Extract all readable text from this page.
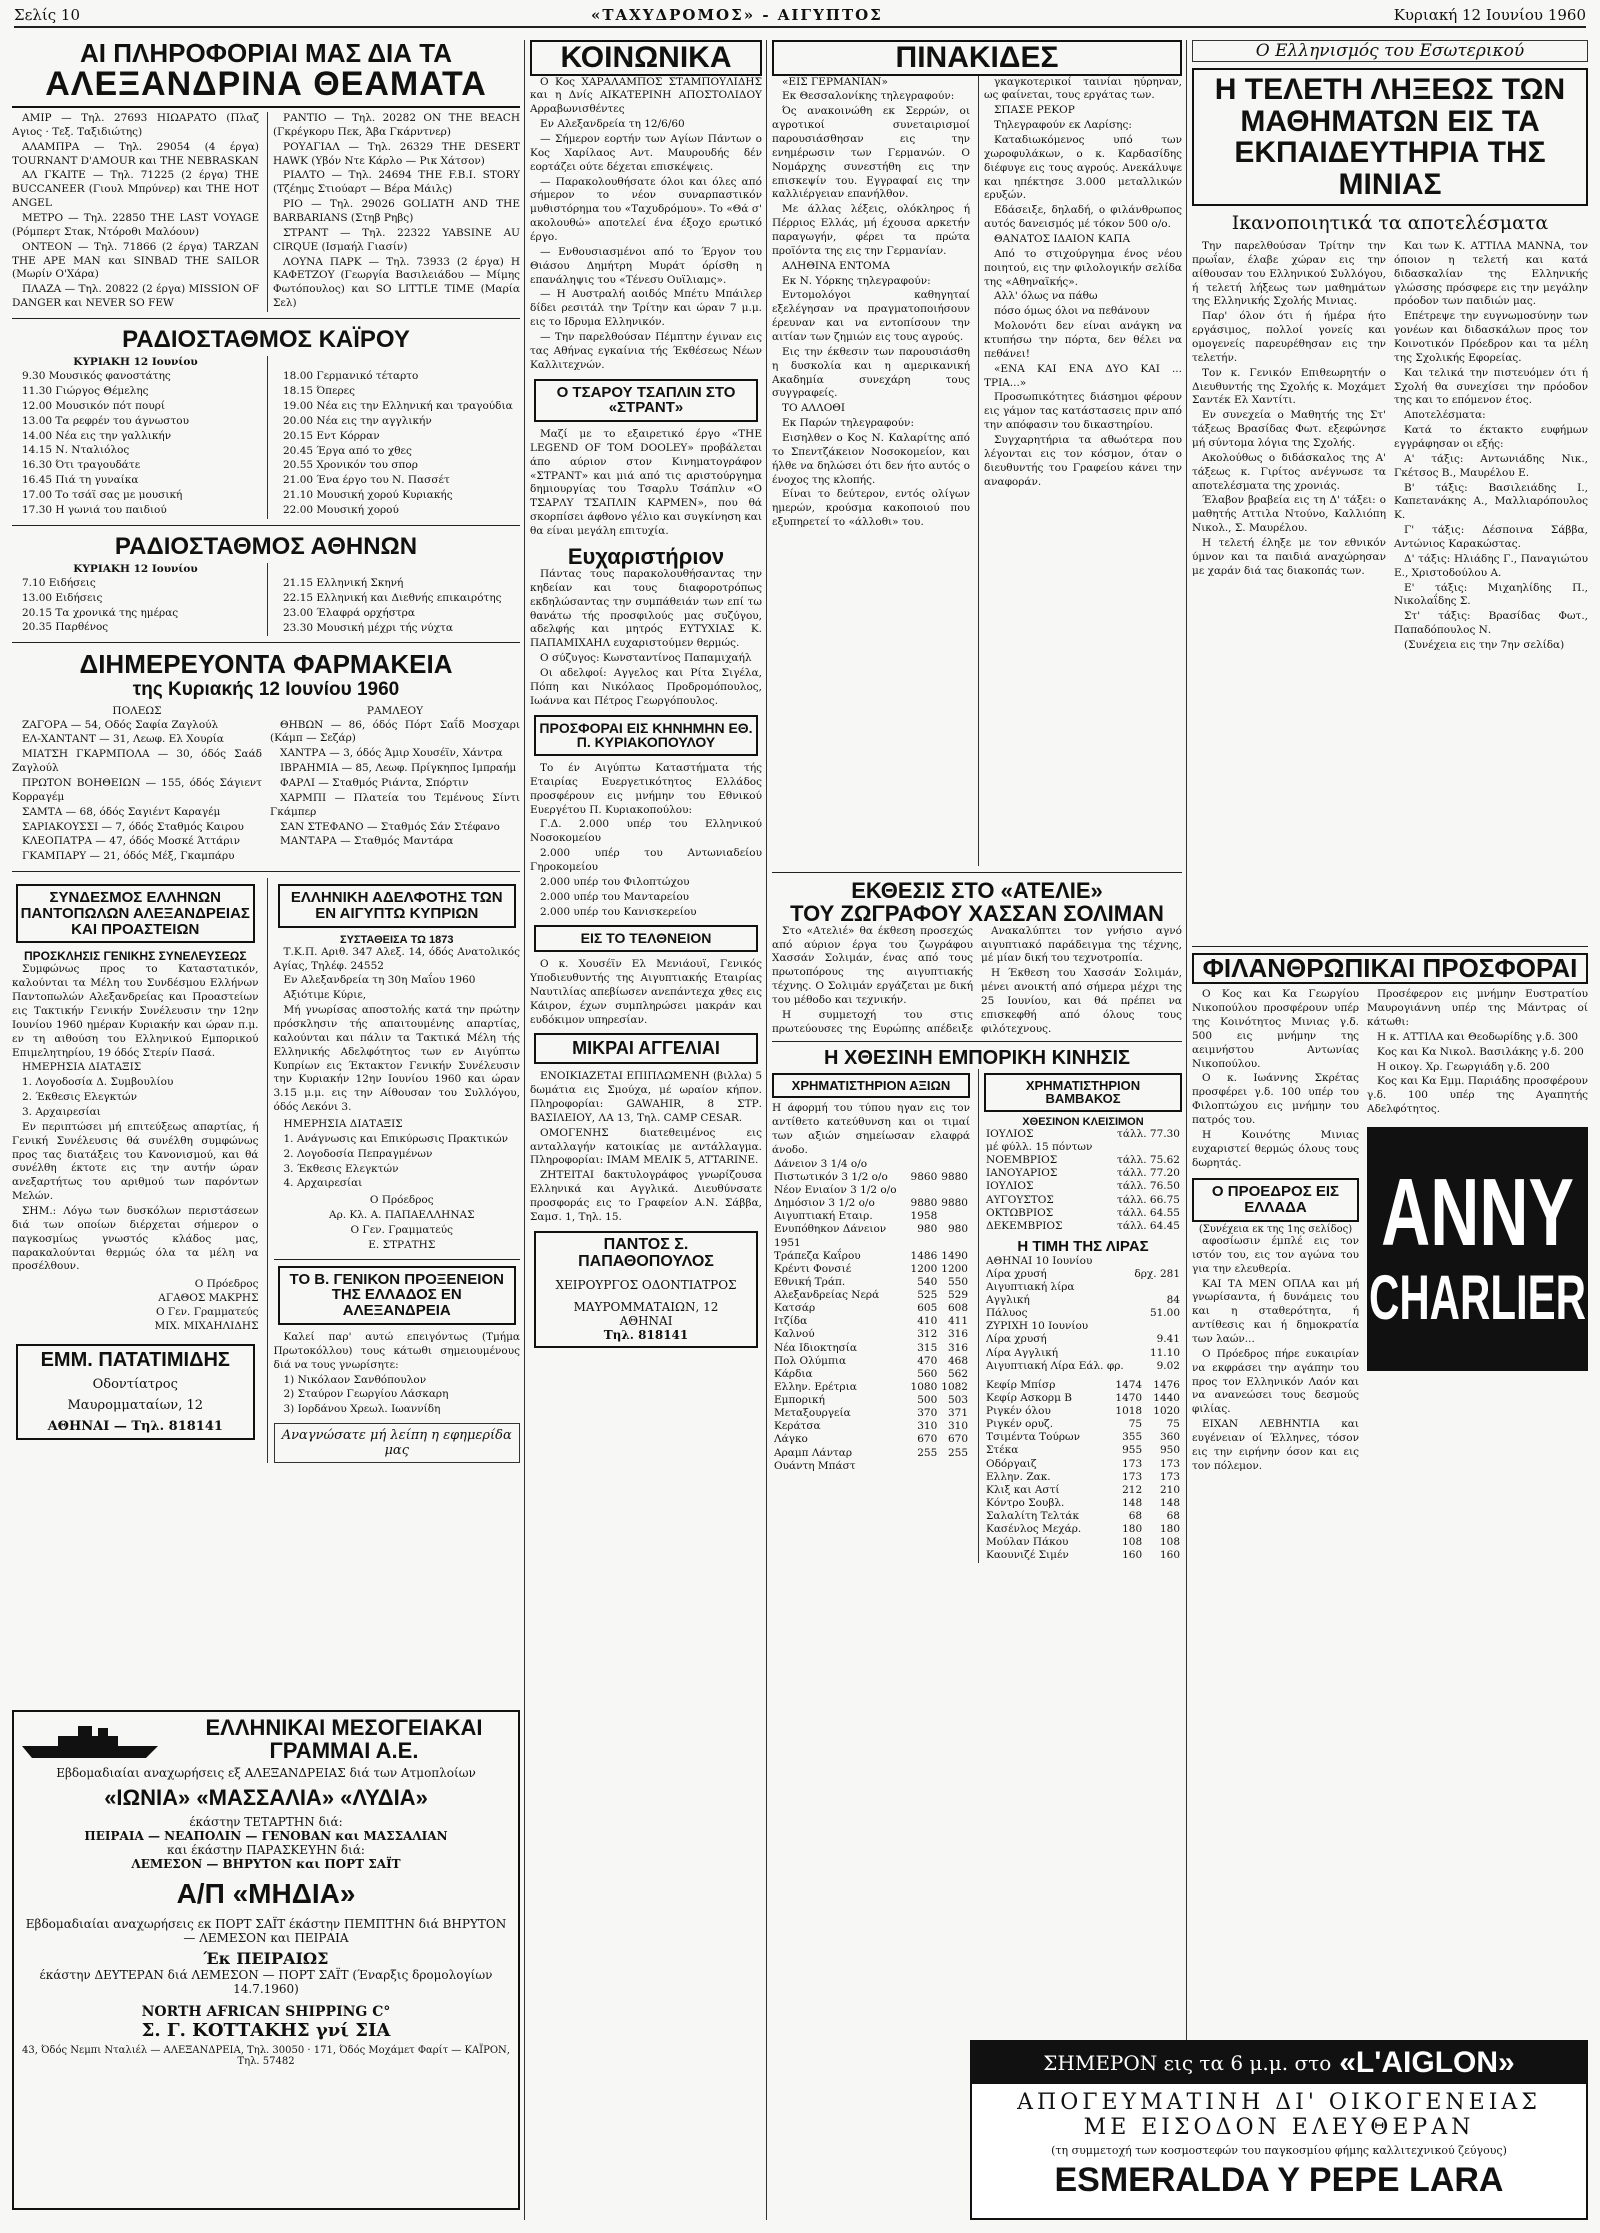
Σελίς 10	«ΤΑΧΥΔΡΟΜΟΣ» - ΑΙΓΥΠΤΟΣ	Κυριακή 12 Ιουνίου 1960
ΑΙ ΠΛΗΡΟΦΟΡΙΑΙ ΜΑΣ ΔΙΑ ΤΑ
ΑΛΕΞΑΝΔΡΙΝΑ ΘΕΑΜΑΤΑ

ΑΜΙΡ — Τηλ. 27693 ΗΙΩΑΡΑΤΟ (Πλαζ Αγιος · Τεξ. Ταξιδιώτης)

ΑΛΑΜΠΡΑ — Τηλ. 29054 (4 έργα) TOURNANT D'AMOUR και THE NEBRASKAN

ΑΛ ΓΚΑΙΤΕ — Τηλ. 71225 (2 έργα) THE BUCCANEER (Γιουλ Μπρύνερ) και THE HOT ANGEL

ΜΕΤΡΟ — Τηλ. 22850 THE LAST VOYAGE (Ρόμπερτ Στακ, Ντόροθι Μαλόουν)

ΟΝΤΕΟΝ — Τηλ. 71866 (2 έργα) TARZAN THE APE MAN και SINBAD THE SAILOR (Μωρίν Ο'Χάρα)

ΠΛΑΖΑ — Τηλ. 20822 (2 έργα) MISSION OF DANGER και NEVER SO FEW

ΡΑΝΤΙΟ — Τηλ. 20282 ON THE BEACH (Γκρέγκορυ Πεκ, Άβα Γκάρντνερ)

ΡΟΥΑΓΙΑΛ — Τηλ. 26329 THE DESERT HAWK (Υβόν Ντε Κάρλο — Ρικ Χάτσον)

ΡΙΑΛΤΟ — Τηλ. 24694 THE F.B.I. STORY (Τζέημς Στιούαρτ — Βέρα Μάιλς)

ΡΙΟ — Τηλ. 29026 GOLIATH AND THE BARBARIANS (Στηβ Ρηβς)

ΣΤΡΑΝΤ — Τηλ. 22322 YABSINE AU CIRQUE (Ισμαήλ Γιασίν)

ΛΟΥΝΑ ΠΑΡΚ — Τηλ. 73933 (2 έργα) Η ΚΑΦΕΤΖΟΥ (Γεωργία Βασιλειάδου — Μίμης Φωτόπουλος) και SO LITTLE TIME (Μαρία Σελ)

ΡΑΔΙΟΣΤΑΘΜΟΣ ΚΑΪΡΟΥ
ΚΥΡΙΑΚΗ 12 Ιουνίου

9.30 Μουσικός φανοστάτης

11.30 Γιώργος Θέμελης

12.00 Μουσικόν πότ πουρί

13.00 Τα ρεφρέν του άγνωστου

14.00 Νέα εις την γαλλικήν

14.15 Ν. Νταλιόλος

16.30 Ότι τραγουδάτε

16.45 Πιά τη γυναίκα

17.00 Το τσάϊ σας με μουσική

17.30 Η γωνιά του παιδιού

18.00 Γερμανικό τέταρτο

18.15 Όπερες

19.00 Νέα εις την Ελληνική και τραγούδια

20.00 Νέα εις την αγγλικήν

20.15 Εντ Κόρραν

20.45 Έργα από το χθες

20.55 Χρονικόν του σπορ

21.00 Ένα έργο του Ν. Πασσέτ

21.10 Μουσική χορού Κυριακής

22.00 Μουσική χορού

ΡΑΔΙΟΣΤΑΘΜΟΣ ΑΘΗΝΩΝ
ΚΥΡΙΑΚΗ 12 Ιουνίου

7.10 Ειδήσεις

13.00 Ειδήσεις

20.15 Τα χρονικά της ημέρας

20.35 Παρθένος

21.15 Ελληνική Σκηνή

22.15 Ελληνική και Διεθνής επικαιρότης

23.00 Έλαφρά ορχήστρα

23.30 Μουσική μέχρι τής νύχτα

ΔΙΗΜΕΡΕΥΟΝΤΑ ΦΑΡΜΑΚΕΙΑ
της Κυριακής 12 Ιουνίου 1960
ΠΟΛΕΩΣ

ΖΑΓΟΡΑ — 54, Οδός Σαφία Ζαγλούλ

ΕΛ-ΧΑΝΤΑΝΤ — 31, Λεωφ. Ελ Χουρία

ΜΙΑΤΣΗ ΓΚΑΡΜΠΟΛΑ — 30, όδός Σαάδ Ζαγλούλ

ΠΡΩΤΟΝ ΒΟΗΘΕΙΩΝ — 155, όδός Σάγιεντ Κορραγέμ

ΣΑΜΤΑ — 68, όδός Σαγιέντ Καραγέμ

ΣΑΡΙΑΚΟΥΣΣΙ — 7, όδός Σταθμός Καιρου

ΚΛΕΟΠΑΤΡΑ — 47, όδός Μοσκέ Άττάριν

ΓΚΑΜΠΑΡΥ — 21, όδός Μέξ, Γκαμπάρυ

ΡΑΜΛΕΟΥ

ΘΗΒΩΝ — 86, όδός Πόρτ Σαΐδ Μοσχαρι (Κάμπ — Σεζάρ)

ΧΑΝΤΡΑ — 3, όδός Άμιρ Χουσέϊν, Χάντρα

ΙΒΡΑΗΜΙΑ — 85, Λεωφ. Πρίγκηπος Ιμπραήμ

ΦΑΡΛΙ — Σταθμός Ριάντα, Σπόρτιν

ΧΑΡΜΠΙ — Πλατεία του Τεμένους Σίντι Γκάμπερ

ΣΑΝ ΣΤΕΦΑΝΟ — Σταθμός Σάν Στέφανο

ΜΑΝΤΑΡΑ — Σταθμός Μαντάρα

ΣΥΝΔΕΣΜΟΣ ΕΛΛΗΝΩΝ ΠΑΝΤΟΠΩΛΩΝ ΑΛΕΞΑΝΔΡΕΙΑΣ ΚΑΙ ΠΡΟΑΣΤΕΙΩΝ
ΠΡΟΣΚΛΗΣΙΣ ΓΕΝΙΚΗΣ ΣΥΝΕΛΕΥΣΕΩΣ

Συμφώνως προς το Καταστατικόν, καλούνται τα Μέλη του Συνδέσμου Ελλήνων Παντοπωλών Αλεξανδρείας και Προαστείων εις Τακτικήν Γενικήν Συνέλευσιν την 12ην Ιουνίου 1960 ημέραν Κυριακήν και ώραν π.μ. εν τη αιθούση του Ελληνικού Εμπορικού Επιμελητηρίου, 19 όδός Στερίν Πασά.

ΗΜΕΡΗΣΙΑ ΔΙΑΤΑΞΙΣ

1. Λογοδοσία Δ. Συμβουλίου

2. Έκθεσις Ελεγκτών

3. Αρχαιρεσίαι

Εν περιπτώσει μή επιτεύξεως απαρτίας, ή Γενική Συνέλευσις θά συνέλθη συμφώνως προς τας διατάξεις του Κανονισμού, και θά συνέλθη έκτοτε εις την αυτήν ώραν ανεξαρτήτως του αριθμού των παρόντων Μελών.

ΣΗΜ.: Λόγω των δυσκόλων περιστάσεων διά των οποίων διέρχεται σήμερον ο παγκοσμίως γνωστός κλάδος μας, παρακαλούνται θερμώς όλα τα μέλη να προσέλθουν.

Ο Πρόεδρος
ΑΓΑΘΟΣ ΜΑΚΡΗΣ
Ο Γεν. Γραμματεύς
ΜΙΧ. ΜΙΧΑΗΛΙΔΗΣ
ΕΜΜ. ΠΑΤΑΤΙΜΙΔΗΣ
Οδοντίατρος
Μαυρομματαίων, 12
ΑΘΗΝΑΙ — Τηλ. 818141
ΕΛΛΗΝΙΚΗ ΑΔΕΛΦΟΤΗΣ ΤΩΝ ΕΝ ΑΙΓΥΠΤΩ ΚΥΠΡΙΩΝ
ΣΥΣΤΑΘΕΙΣΑ ΤΩ 1873

Τ.Κ.Π. Αριθ. 347 Αλεξ. 14, όδός Ανατολικός Αγίας, Τηλέφ. 24552

Εν Αλεξανδρεία τη 30η Μαΐου 1960

Αξιότιμε Κύριε,

Μή γνωρίσας αποστολής κατά την πρώτην πρόσκλησιν τής απαιτουμένης απαρτίας, καλούνται και πάλιν τα Τακτικά Μέλη τής Ελληνικής Αδελφότητος των εν Αιγύπτω Κυπρίων εις Έκτακτον Γενικήν Συνέλευσιν την Κυριακήν 12ην Ιουνίου 1960 και ώραν 3.15 μ.μ. εις την Αίθουσαν του Συλλόγου, όδός Λεκόνι 3.

ΗΜΕΡΗΣΙΑ ΔΙΑΤΑΞΙΣ

1. Ανάγνωσις και Επικύρωσις Πρακτικών

2. Λογοδοσία Πεπραγμένων

3. Έκθεσις Ελεγκτών

4. Αρχαιρεσίαι

Ο Πρόεδρος

Αρ. Κλ. Α. ΠΑΠΑΕΛΛΗΝΑΣ

Ο Γεν. Γραμματεύς

Ε. ΣΤΡΑΤΗΣ

ΤΟ Β. ΓΕΝΙΚΟΝ ΠΡΟΞΕΝΕΙΟΝ ΤΗΣ ΕΛΛΑΔΟΣ ΕΝ ΑΛΕΞΑΝΔΡΕΙΑ

Καλεί παρ' αυτώ επειγόντως (Τμήμα Πρωτοκόλλου) τους κάτωθι σημειουμένους διά να τους γνωρίσητε:

1) Νικόλαον Σανθόπουλον

2) Σταύρον Γεωργίου Λάσκαρη

3) Ιορδάνου Χρεωλ. Ιωαννίδη

Αναγνώσατε μή λείπη η εφημερίδα μας
ΕΛΛΗΝΙΚΑΙ ΜΕΣΟΓΕΙΑΚΑΙ ΓΡΑΜΜΑΙ Α.Ε.
Εβδομαδιαίαι αναχωρήσεις εξ ΑΛΕΞΑΝΔΡΕΙΑΣ διά των Ατμοπλοίων
«ΙΩΝΙΑ» «ΜΑΣΣΑΛΙΑ» «ΛΥΔΙΑ»
έκάστην ΤΕΤΑΡΤΗΝ διά:
ΠΕΙΡΑΙΑ — ΝΕΑΠΟΛΙΝ — ΓΕΝΟΒΑΝ και ΜΑΣΣΑΛΙΑΝ
και έκάστην ΠΑΡΑΣΚΕΥΗΝ διά:
ΛΕΜΕΣΟΝ — ΒΗΡΥΤΟΝ και ΠΟΡΤ ΣΑΪΤ
Α/Π «ΜΗΔΙΑ»
Εβδομαδιαίαι αναχωρήσεις εκ ΠΟΡΤ ΣΑΪΤ έκάστην ΠΕΜΠΤΗΝ διά ΒΗΡΥΤΟΝ — ΛΕΜΕΣΟΝ και ΠΕΙΡΑΙΑ
Έκ ΠΕΙΡΑΙΩΣ
έκάστην ΔΕΥΤΕΡΑΝ διά ΛΕΜΕΣΟΝ — ΠΟΡΤ ΣΑΪΤ (Έναρξις δρομολογίων 14.7.1960)
NORTH AFRICAN SHIPPING C°
Σ. Γ. ΚΟΤΤΑΚΗΣ γνί ΣΙΑ
43, Όδός Νεμπι Νταλιέλ — ΑΛΕΞΑΝΔΡΕΙΑ, Τηλ. 30050 · 171, Όδός Μοχάμετ Φαρίτ — ΚΑΪΡΟΝ, Τηλ. 57482
ΚΟΙΝΩΝΙΚΑ

Ο Κος ΧΑΡΑΛΑΜΠΟΣ ΣΤΑΜΠΟΥΛΙΔΗΣ και η Δνίς ΑΙΚΑΤΕΡΙΝΗ ΑΠΟΣΤΟΛΙΔΟΥ Αρραβωνισθέντες

Εν Αλεξανδρεία τη 12/6/60

— Σήμερον εορτήν των Αγίων Πάντων ο Κος Χαρίλαος Αντ. Μαυρουδής δέν εορτάζει ούτε δέχεται επισκέψεις.

— Παρακολουθήσατε όλοι και όλες από σήμερον το νέον συναρπαστικόν μυθιστόρημα του «Ταχυδρόμου». Το «Θά σ' ακολουθώ» αποτελεί ένα έξοχο ερωτικό έργο.

— Ενθουσιασμένοι από το Έργον του Θιάσου Δημήτρη Μυράτ όρίσθη η επανάληψις του «Τένεσυ Ουϊλιαμς».

— Η Αυστραλή αοιδός Μπέτυ Μπάιλερ δίδει ρεσιτάλ την Τρίτην και ώραν 7 μ.μ. εις το Ιδρυμα Ελληνικόν.

— Την παρελθούσαν Πέμπτην έγιναν εις τας Αθήνας εγκαίνια τής Έκθέσεως Νέων Καλλιτεχνών.

Ο ΤΣΑΡΟΥ ΤΣΑΠΛΙΝ ΣΤΟ «ΣΤΡΑΝΤ»

Μαζί με το εξαιρετικό έργο «THE LEGEND OF TOM DOOLEY» προβάλεται άπο αύριον στον Κινηματογράφον «ΣΤΡΑΝΤ» και μιά από τις αριστούργημα δημιουργίας του Τσαρλυ Τσάπλιν «Ο ΤΣΑΡΛΥ ΤΣΑΠΛΙΝ ΚΑΡΜΕΝ», που θά σκορπίσει άφθονο γέλιο και συγκίνηση και θα είναι μεγάλη επιτυχία.

Ευχαριστήριον

Πάντας τους παρακολουθήσαντας την κηδείαν και τους διαφοροτρόπως εκδηλώσαντας την συμπάθειάν των επί τω θανάτω τής προσφιλούς μας συζύγου, αδελφής και μητρός ΕΥΤΥΧΙΑΣ Κ. ΠΑΠΑΜΙΧΑΗΛ ευχαριστούμεν θερμώς.

Ο σύζυγος: Κωνσταντίνος Παπαμιχαήλ

Οι αδελφοί: Αγγελος και Ρίτα Σιγέλα, Πόπη και Νικόλαος Προδρομόπουλος, Ιωάννα και Πέτρος Γεωργόπουλος.

ΠΡΟΣΦΟΡΑΙ ΕΙΣ ΚΗΝΗΜΗΝ ΕΘ. Π. ΚΥΡΙΑΚΟΠΟΥΛΟΥ

Το έν Αιγύπτω Καταστήματα τής Εταιρίας Ευεργετικότητος Ελλάδος προσφέρουν εις μνήμην του Εθνικού Ευεργέτου Π. Κυριακοπούλου:

Γ.Δ. 2.000 υπέρ του Ελληνικού Νοσοκομείου

2.000 υπέρ του Αντωνιαδείου Γηροκομείου

2.000 υπέρ του Φιλοπτώχου

2.000 υπέρ του Μανταρείου

2.000 υπέρ του Κανισκερείου

ΕΙΣ ΤΟ ΤΕΛΘΝΕΙΟΝ

Ο κ. Χουσέϊν Ελ Μενιάουϊ, Γενικός Υποδιευθυντής της Αιγυπτιακής Εταιρίας Ναυτιλίας απεβίωσεν ανεπάντεχα χθες εις Κάιρον, έχων συμπληρώσει μακράν και ευδόκιμον υπηρεσίαν.

ΜΙΚΡΑΙ ΑΓΓΕΛΙΑΙ

ΕΝΟΙΚΙΑΖΕΤΑΙ ΕΠΙΠΛΩΜΕΝΗ (βιλλα) 5 δωμάτια εις Σμούχα, μέ ωραίον κήπον. Πληροφορίαι: GAWAHIR, 8 ΣΤΡ. ΒΑΣΙΛΕΙΟΥ, ΛΑ 13, Τηλ. CAMP CESAR.

ΟΜΟΓΕΝΗΣ διατεθειμένος εις ανταλλαγήν κατοικίας με αντάλλαγμα. Πληροφορίαι: ΙΜΑΜ ΜΕΛΙΚ 5, ATTARINE.

ΖΗΤΕΙΤΑΙ δακτυλογράφος γνωρίζουσα Ελληνικά και Αγγλικά. Διευθύνσατε προσφοράς εις το Γραφείον Α.Ν. Σάββα, Σαμσ. 1, Τηλ. 15.

ΠΑΝΤΟΣ Σ. ΠΑΠΑΘΟΠΟΥΛΟΣ
ΧΕΙΡΟΥΡΓΟΣ ΟΔΟΝΤΙΑΤΡΟΣ
ΜΑΥΡΟΜΜΑΤΑΙΩΝ, 12
ΑΘΗΝΑΙ
Τηλ. 818141
ΠΙΝΑΚΙΔΕΣ

«ΕΙΣ ΓΕΡΜΑΝΙΑΝ»

Εκ Θεσσαλονίκης τηλεγραφούν:

Ός ανακοινώθη εκ Σερρών, οι αγροτικοί συνεταιρισμοί παρουσιάσθησαν εις την ενημέρωσιν των Γερμανών. Ο Νομάρχης συνεστήθη εις την επισκεψίν του. Εγγραφαί εις την καλλιέργειαν επανήλθον.

Με άλλας λέξεις, ολόκληρος ή Πέρριος Ελλάς, μή έχουσα αρκετήν παραγωγήν, φέρει τα πρώτα προϊόντα της εις την Γερμανίαν.

ΑΛΗΘΙΝΑ ΕΝΤΟΜΑ

Εκ Ν. Υόρκης τηλεγραφούν:

Εντομολόγοι καθηγηταί εξελέγησαν να πραγματοποιήσουν έρευναν και να εντοπίσουν την αιτίαν των ζημιών εις τους αγρούς.

Εις την έκθεσιν των παρουσιάσθη η δυσκολία και η αμερικανική Ακαδημία συνεχάρη τους συγγραφείς.

ΤΟ ΑΛΛΟΘΙ

Εκ Παρών τηλεγραφούν:

Εισηλθεν ο Κος Ν. Καλαρίτης από το Σπεντζάκειον Νοσοκομείον, και ήλθε να δηλώσει ότι δεν ήτο αυτός ο ένοχος της κλοπής.

Είναι το δεύτερον, εντός ολίγων ημερών, κρούσμα κακοποιού που εξυπηρετεί το «άλλοθι» του.

γκαγκοτερικοί ταινίαι ηύρηναν, ως φαίνεται, τους εργάτας των.

ΣΠΑΣΕ ΡΕΚΟΡ

Τηλεγραφούν εκ Λαρίσης:

Καταδιωκόμενος υπό των χωροφυλάκων, ο κ. Καρδασίδης διέφυγε εις τους αγρούς. Ανεκάλυψε και ηπέκτησε 3.000 μεταλλικών ερυξών.

Εδάσειξε, δηλαδή, ο φιλάνθρωπος αυτός δανεισμός μέ τόκον 500 ο/ο.

ΘΑΝΑΤΟΣ ΙΔΑΙΟΝ ΚΑΠΑ

Από το στιχούργημα ένος νέου ποιητού, εις την φιλολογικήν σελίδα της «Αθηναϊκής».

Αλλ' όλως να πάθω

πόσο όμως όλοι να πεθάνουν

Μολονότι δεν είναι ανάγκη να κτυπήσω την πόρτα, δεν θέλει να πεθάνει!

«ΕΝΑ ΚΑΙ ΕΝΑ ΔΥΟ ΚΑΙ ... ΤΡΙΑ...»

Προσωπικότητες διάσημοι φέρουν εις γάμον τας κατάστασεις πριν από την απόφασιν του δικαστηρίου.

Συγχαρητήρια τα αθωότερα που λέγονται εις τον κόσμον, όταν ο διευθυντής του Γραφείου κάνει την αναφοράν.

ΕΚΘΕΣΙΣ ΣΤΟ «ΑΤΕΛΙΕ»
ΤΟΥ ΖΩΓΡΑΦΟΥ ΧΑΣΣΑΝ ΣΟΛΙΜΑΝ

Στο «Ατελιέ» θα έκθεση προσεχώς από αύριον έργα του ζωγράφου Χασσάν Σολιμάν, ένας από τους πρωτοπόρους της αιγυπτιακής τέχνης. Ο Σολιμάν εργάζεται με δική του μέθοδο και τεχνικήν.

Η συμμετοχή του στις πρωτεύουσες της Ευρώπης απέδειξε

Ανακαλύπτει τον γνήσιο αγνό αιγυπτιακό παράδειγμα της τέχνης, μέ μίαν δική του τεχνοτροπία.

Η Έκθεση του Χασσάν Σολιμάν, μένει ανοικτή από σήμερα μέχρι της 25 Ιουνίου, και θά πρέπει να επισκεφθή από όλους τους φιλότεχνους.

Η ΧΘΕΣΙΝΗ ΕΜΠΟΡΙΚΗ ΚΙΝΗΣΙΣ
ΧΡΗΜΑΤΙΣΤΗΡΙΟΝ ΑΞΙΩΝ
Η άφορμή του τύπου ηγαν εις τον αντίθετο κατεύθυνση και οι τιμαί των αξιών σημείωσαν ελαφρά άνοδο.
Δάνειον 3 1/4 ο/ο		
Πιστωτικόν 3 1/2 ο/ο	9860	9880
Νέον Ενιαίον 3 1/2 ο/ο		
Δημόσιον 3 1/2 ο/ο	9880	9880
Αιγυπτιακή Εταιρ.	1958	
Ενυπόθηκον Δάνειον 1951	980	980
Τράπεζα Καΐρου	1486	1490
Κρέντι Φονσιέ	1200	1200
Εθνική Τράπ.	540	550
Αλεξανδρείας Νερά	525	529
Κατσάρ	605	608
Ιτζίδα	410	411
Καλνού	312	316
Νέα Ιδιοκτησία	315	316
Πολ Ολύμπια	470	468
Κάρδια	560	562
Ελλην. Ερέτρια	1080	1082
Εμπορική	500	503
Μεταξουργεία	370	371
Κεράτσα	310	310
Λάγκο	670	670
Αραμπ Λάνταρ	255	255
Ουάντη Μπάστ		
ΧΡΗΜΑΤΙΣΤΗΡΙΟΝ ΒΑΜΒΑΚΟΣ
ΧΘΕΣΙΝΟΝ ΚΛΕΙΣΙΜΟΝ
ΙΟΥΛΙΟΣ	τάλλ. 77.30
μέ φύλλ. 15 πόντων	
ΝΟΕΜΒΡΙΟΣ	τάλλ. 75.62
ΙΑΝΟΥΑΡΙΟΣ	τάλλ. 77.20
ΙΟΥΛΙΟΣ	τάλλ. 76.50
ΑΥΓΟΥΣΤΟΣ	τάλλ. 66.75
ΟΚΤΩΒΡΙΟΣ	τάλλ. 64.55
ΔΕΚΕΜΒΡΙΟΣ	τάλλ. 64.45
Η ΤΙΜΗ ΤΗΣ ΛΙΡΑΣ
ΑΘΗΝΑΙ 10 Ιουνίου	
Λίρα χρυσή	δρχ. 281
Αιγυπτιακή λίρα	
Αγγλική	84
Πάλυος	51.00
ΖΥΡΙΧΗ 10 Ιουνίου	
Λίρα χρυσή	9.41
Λίρα Αγγλική	11.10
Αιγυπτιακή Λίρα Εάλ. φρ.	9.02
Κεφίρ Μπίσρ	1474	1476
Κεφίρ Ασκορμ Β	1470	1440
Ριγκέν όλου	1018	1020
Ριγκέν ορυζ.	75	75
Τσιμέντα Τούρων	355	360
Στέκα	955	950
Οδόργαιζ	173	173
Ελλην. Ζακ.	173	173
Κλιξ και Αστί	212	210
Κόντρο Σουβλ.	148	148
Σαλαλίτη Τελτάκ	68	68
Κασένλος Μεχάρ.	180	180
Μούλαν Πάκου	108	108
Καουνιζέ Σιμέν	160	160
Ο Ελληνισμός του Εσωτερικού
Η ΤΕΛΕΤΗ ΛΗΞΕΩΣ ΤΩΝ ΜΑΘΗΜΑΤΩΝ ΕΙΣ ΤΑ ΕΚΠΑΙΔΕΥΤΗΡΙΑ ΤΗΣ ΜΙΝΙΑΣ
Ικανοποιητικά τα αποτελέσματα

Την παρελθούσαν Τρίτην την πρωΐαν, έλαβε χώραν εις την αίθουσαν του Ελληνικού Συλλόγου, ή τελετή λήξεως των μαθημάτων της Ελληνικής Σχολής Μινιας.

Παρ' όλον ότι ή ήμέρα ήτο εργάσιμος, πολλοί γονείς και ομογενείς παρευρέθησαν εις την τελετήν.

Τον κ. Γενικόν Επιθεωρητήν ο Διευθυντής της Σχολής κ. Μοχάμετ Σαντέκ Ελ Χαντίτι.

Εν συνεχεία ο Μαθητής της Στ' τάξεως Βρασίδας Φωτ. εξεφώνησε μή σύντομα λόγια της Σχολής.

Ακολούθως ο διδάσκαλος της Α' τάξεως κ. Γιρίτος ανέγνωσε τα αποτελέσματα της χρονιάς.

Έλαβον βραβεία εις τη Δ' τάξει: ο μαθητής Αττιλα Ντούνο, Καλλιόπη Νικολ., Σ. Μαυρέλου.

Η τελετή έληξε με τον εθνικόν ύμνον και τα παιδιά αναχώρησαν με χαράν διά τας διακοπάς των.

Και των Κ. ΑΤΤΙΛΑ ΜΑΝΝΑ, τον όποιον η τελετή και κατά διδασκαλίαν της Ελληνικής γλώσσης πρόσφερε εις την μεγάλην πρόοδον των παιδιών μας.

Επέτρεψε την ευγνωμοσύνην των γονέων και διδασκάλων προς τον Κοινοτικόν Πρόεδρον και τα μέλη της Σχολικής Εφορείας.

Και τελικά την πιστευόμεν ότι ή Σχολή θα συνεχίσει την πρόοδον της και το επόμενον έτος.

Αποτελέσματα:

Κατά το έκτακτο ευφήμων εγγράφησαν οι εξής:

Α' τάξις: Αντωνιάδης Νικ., Γκέτσος Β., Μαυρέλου Ε.

Β' τάξις: Βασιλειάδης Ι., Καπετανάκης Α., Μαλλιαρόπουλος Κ.

Γ' τάξις: Δέσποινα Σάββα, Αντώνιος Καρακώστας.

Δ' τάξις: Ηλιάδης Γ., Παναγιώτου Ε., Χριστοδούλου Α.

Ε' τάξις: Μιχαηλίδης Π., Νικολαΐδης Σ.

Στ' τάξις: Βρασίδας Φωτ., Παπαδόπουλος Ν.

(Συνέχεια εις την 7ην σελίδα)

ΦΙΛΑΝΘΡΩΠΙΚΑΙ ΠΡΟΣΦΟΡΑΙ

Ο Κος και Κα Γεωργίου Νικοπούλου προσφέρουν υπέρ της Κοινότητος Μινιας γ.δ. 500 εις μνήμην της αειμνήστου Αντωνίας Νικοπούλου.

Ο κ. Ιωάννης Σκρέτας προσφέρει γ.δ. 100 υπέρ του Φιλοπτώχου εις μνήμην του πατρός του.

Η Κοινότης Μινιας ευχαριστεί θερμώς όλους τους δωρητάς.

Ο ΠΡΟΕΔΡΟΣ ΕΙΣ ΕΛΛΑΔΑ
(Συνέχεια εκ της 1ης σελίδος)

αφοσίωσιν έμπλέ εις τον ιστόν του, εις τον αγώνα του για την ελευθερία.

ΚΑΙ ΤΑ ΜΕΝ ΟΠΛΑ και μή γνωρίσαντα, ή δυνάμεις του και η σταθερότητα, ή αντίθεσις και ή δημοκρατία των λαών...

Ο Πρόεδρος πήρε ευκαιρίαν να εκφράσει την αγάπην του προς τον Ελληνικόν Λαόν και να ανανεώσει τους δεσμούς φιλίας.

ΕΙΧΑΝ ΛΕΒΗΝΤΙΑ και ευγένειαν οί Έλληνες, τόσον εις την ειρήνην όσον και εις τον πόλεμον.

Προσέφερον εις μνήμην Ευστρατίου Μαυρογιάννη υπέρ της Μάντρας οί κάτωθι:

Η κ. ΑΤΤΙΛΑ και Θεοδωρίδης γ.δ. 300

Κος και Κα Νικολ. Βασιλάκης γ.δ. 200

Η οικογ. Χρ. Γεωργιάδη γ.δ. 200

Κος και Κα Εμμ. Παριάδης προσφέρουν γ.δ. 100 υπέρ της Αγαπητής Αδελφότητος.

ANNY
CHARLIER
ΣΗΜΕΡΟΝ εις τα 6 μ.μ. στο «L'AIGLON»
ΑΠΟΓΕΥΜΑΤΙΝΗ ΔΙ' ΟΙΚΟΓΕΝΕΙΑΣ
ΜΕ ΕΙΣΟΔΟΝ ΕΛΕΥΘΕΡΑΝ
(τη συμμετοχή των κοσμοστεφών του παγκοσμίου φήμης καλλιτεχνικού ζεύγους)
ESMERALDA Y PEPE LARA
